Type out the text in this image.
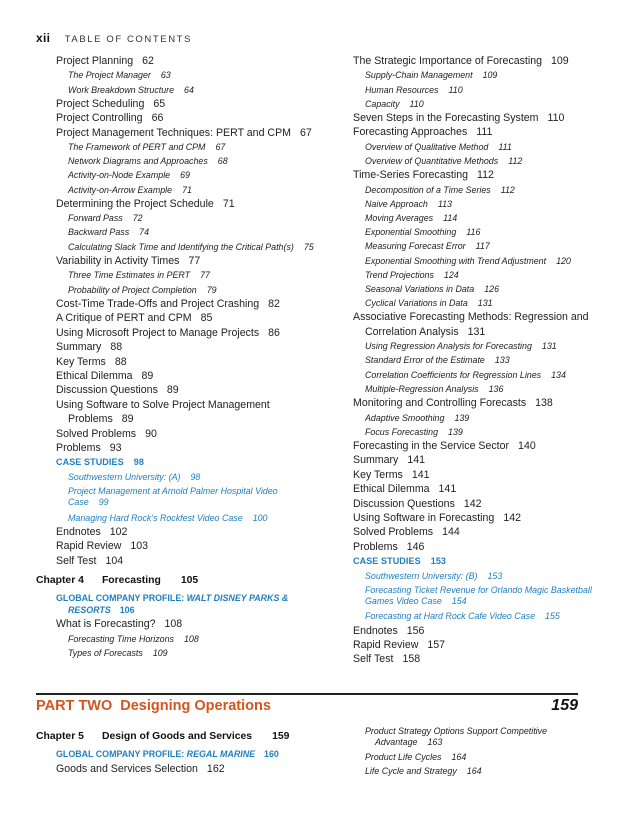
xii TABLE OF CONTENTS
Project Planning 62
The Project Manager 63
Work Breakdown Structure 64
Project Scheduling 65
Project Controlling 66
Project Management Techniques: PERT and CPM 67
The Framework of PERT and CPM 67
Network Diagrams and Approaches 68
Activity-on-Node Example 69
Activity-on-Arrow Example 71
Determining the Project Schedule 71
Forward Pass 72
Backward Pass 74
Calculating Slack Time and Identifying the Critical Path(s) 75
Variability in Activity Times 77
Three Time Estimates in PERT 77
Probability of Project Completion 79
Cost-Time Trade-Offs and Project Crashing 82
A Critique of PERT and CPM 85
Using Microsoft Project to Manage Projects 86
Summary 88
Key Terms 88
Ethical Dilemma 89
Discussion Questions 89
Using Software to Solve Project Management Problems 89
Solved Problems 90
Problems 93
CASE STUDIES 98
Southwestern University: (A) 98
Project Management at Arnold Palmer Hospital Video Case 99
Managing Hard Rock's Rockfest Video Case 100
Endnotes 102
Rapid Review 103
Self Test 104
Chapter 4 Forecasting 105
GLOBAL COMPANY PROFILE: WALT DISNEY PARKS & RESORTS 106
What is Forecasting? 108
Forecasting Time Horizons 108
Types of Forecasts 109
The Strategic Importance of Forecasting 109
Supply-Chain Management 109
Human Resources 110
Capacity 110
Seven Steps in the Forecasting System 110
Forecasting Approaches 111
Overview of Qualitative Method 111
Overview of Quantitative Methods 112
Time-Series Forecasting 112
Decomposition of a Time Series 112
Naive Approach 113
Moving Averages 114
Exponential Smoothing 116
Measuring Forecast Error 117
Exponential Smoothing with Trend Adjustment 120
Trend Projections 124
Seasonal Variations in Data 126
Cyclical Variations in Data 131
Associative Forecasting Methods: Regression and Correlation Analysis 131
Using Regression Analysis for Forecasting 131
Standard Error of the Estimate 133
Correlation Coefficients for Regression Lines 134
Multiple-Regression Analysis 136
Monitoring and Controlling Forecasts 138
Adaptive Smoothing 139
Focus Forecasting 139
Forecasting in the Service Sector 140
Summary 141
Key Terms 141
Ethical Dilemma 141
Discussion Questions 142
Using Software in Forecasting 142
Solved Problems 144
Problems 146
CASE STUDIES 153
Southwestern University: (B) 153
Forecasting Ticket Revenue for Orlando Magic Basketball Games Video Case 154
Forecasting at Hard Rock Cafe Video Case 155
Endnotes 156
Rapid Review 157
Self Test 158
PART TWO Designing Operations	159
Chapter 5 Design of Goods and Services 159
GLOBAL COMPANY PROFILE: REGAL MARINE 160
Goods and Services Selection 162
Product Strategy Options Support Competitive Advantage 163
Product Life Cycles 164
Life Cycle and Strategy 164
